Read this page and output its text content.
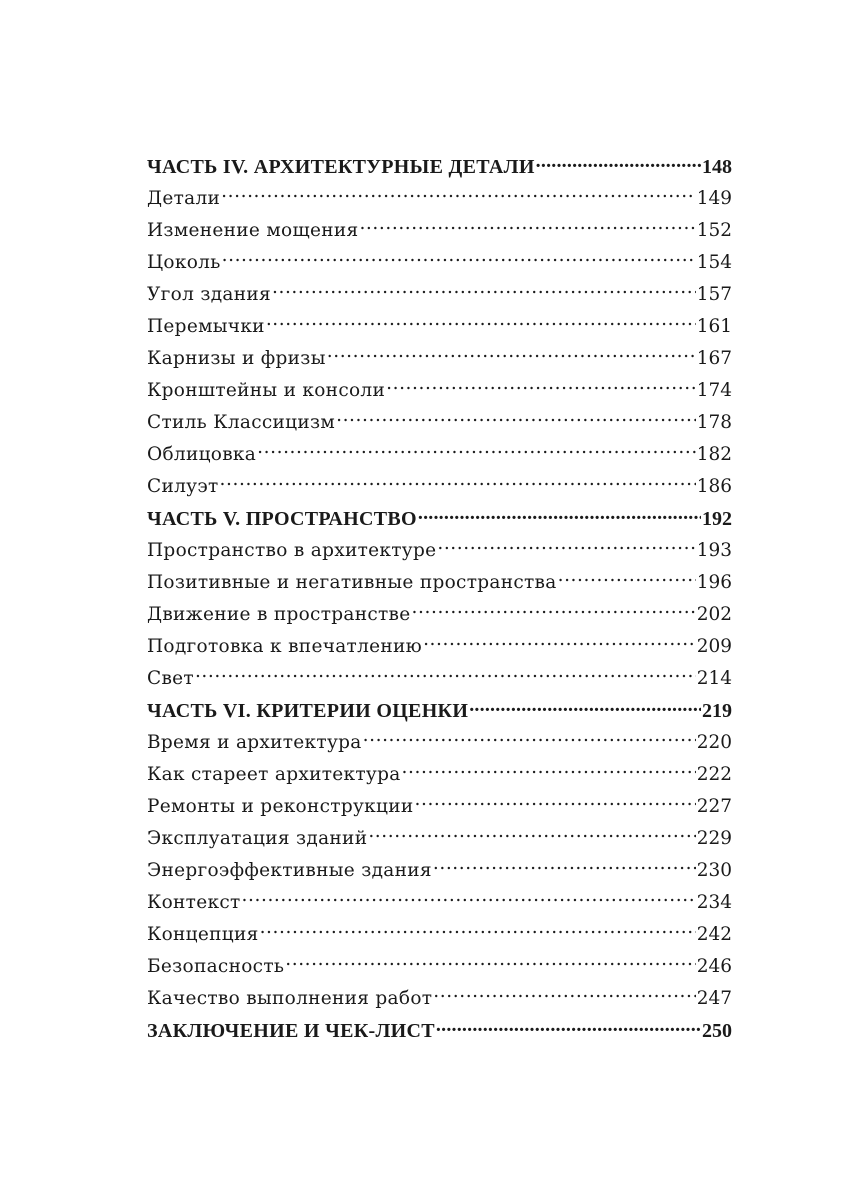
ЧАСТЬ IV. АРХИТЕКТУРНЫЕ ДЕТАЛИ .....	148
Детали .....	149
Изменение мощения .....	152
Цоколь .....	154
Угол здания .....	157
Перемычки .....	161
Карнизы и фризы .....	167
Кронштейны и консоли .....	174
Стиль Классицизм .....	178
Облицовка .....	182
Силуэт .....	186
ЧАСТЬ V. ПРОСТРАНСТВО .....	192
Пространство в архитектуре .....	193
Позитивные и негативные пространства .....	196
Движение в пространстве .....	202
Подготовка к впечатлению .....	209
Свет .....	214
ЧАСТЬ VI. КРИТЕРИИ ОЦЕНКИ .....	219
Время и архитектура .....	220
Как стареет архитектура .....	222
Ремонты и реконструкции .....	227
Эксплуатация зданий .....	229
Энергоэффективные здания .....	230
Контекст .....	234
Концепция .....	242
Безопасность .....	246
Качество выполнения работ .....	247
ЗАКЛЮЧЕНИЕ И ЧЕК-ЛИСТ .....	250
